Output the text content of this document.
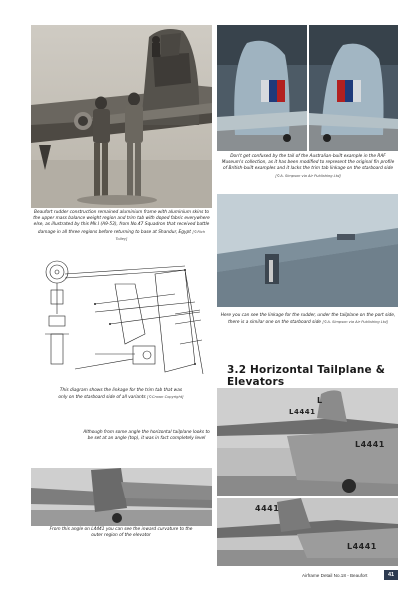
Don't get confused by the tail of the Australian-built example in the RAF Museum's collection, as it has been modified to represent the original fin profile of British-built examples and it lacks the trim tab linkage on the starboard side [©A. Simpson via Air Publishing Ltd]
Beaufort rudder construction remained aluminium frame with aluminium skins to the upper mass balance weight region and trim tab with doped fabric everywhere else, as illustrated by this Mk.I (A9-53), from No.47 Squadron that received battle damage in all three regions before returning to base at Shandur, Egypt [©Rich Tolley]
Here you can see the linkage for the rudder, under the tailplane on the port side, there is a similar one on the starboard side [©A. Simpson via Air Publishing Ltd]
This diagram shows the linkage for the trim tab that was only on the starboard side of all variants [©Crown Copyright]
3.2 Horizontal Tailplane & Elevators
Although from some angle the horizontal tailplane looks to be set at an angle (top), it was in fact completely level
L
L4441
L4441
4441
L4441
From this angle on L4441 you can see the inward curvature to the outer region of the elevator
Airframe Detail No.18 - Beaufort	41
